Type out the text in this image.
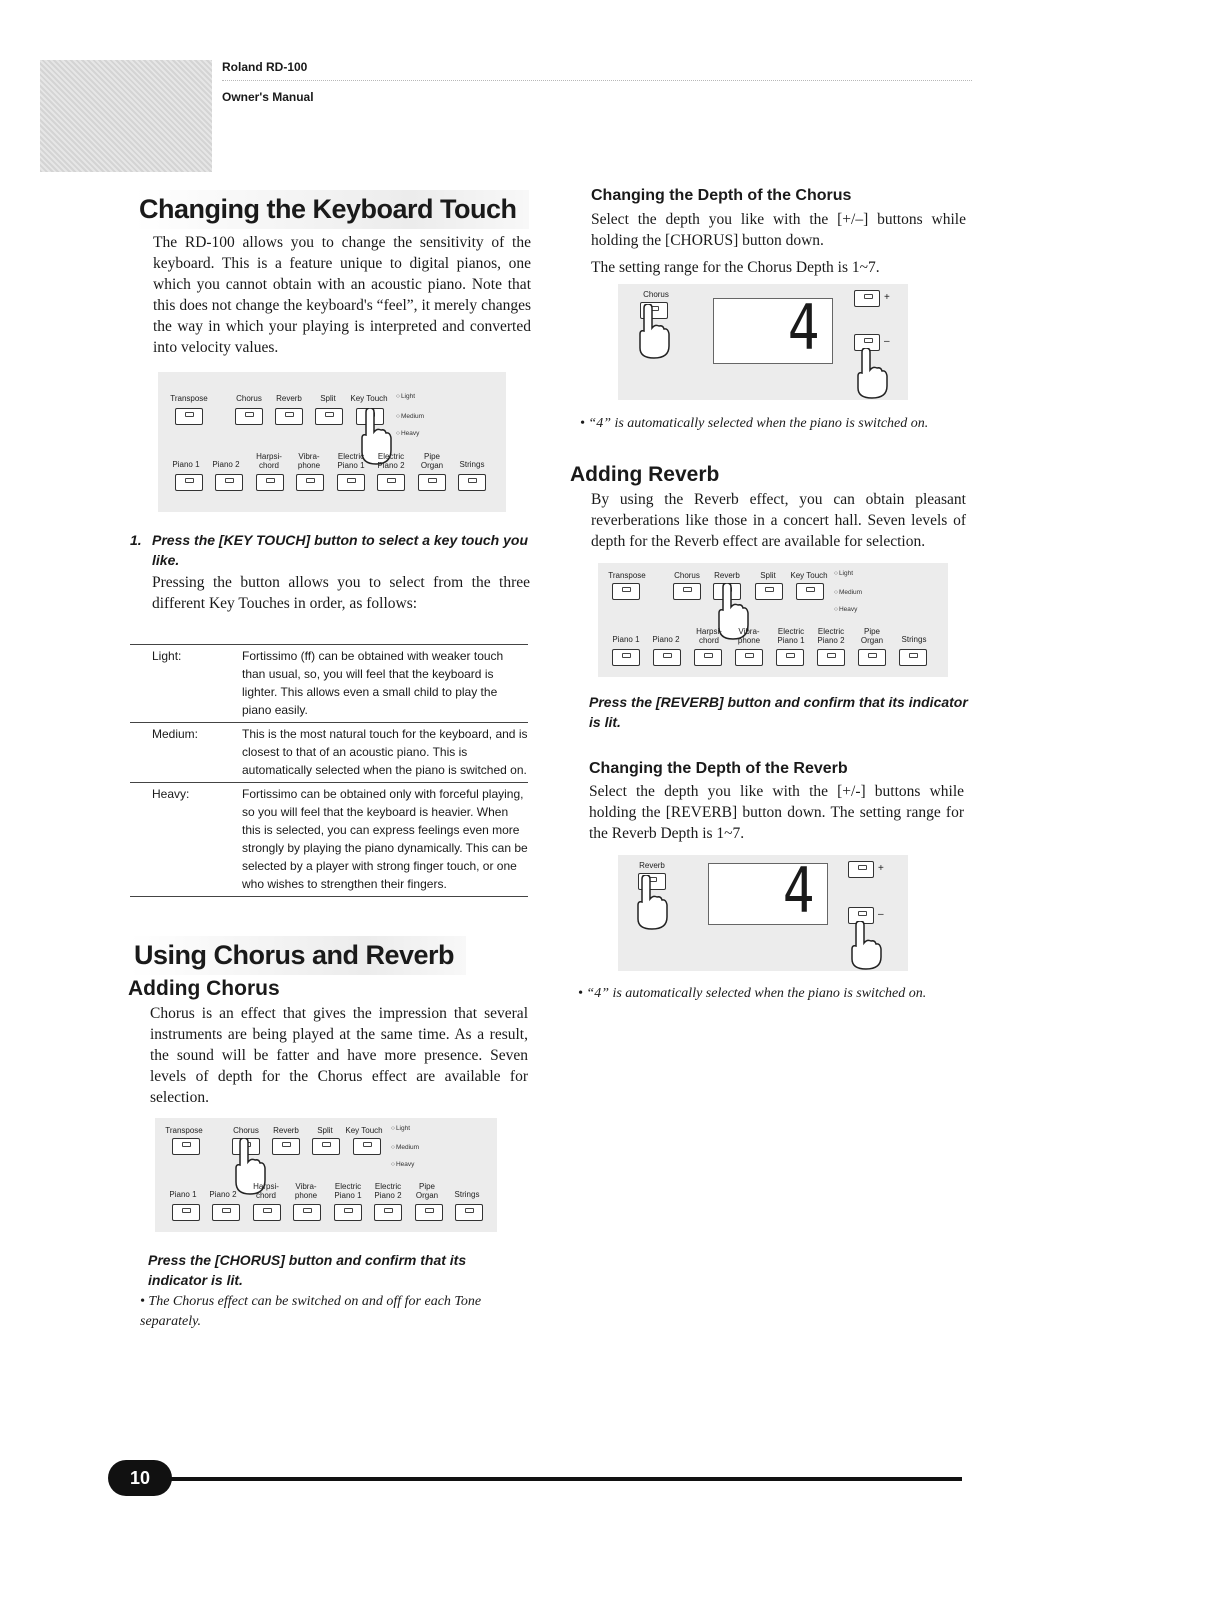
Roland RD-100
Owner's Manual
Changing the Keyboard Touch

The RD-100 allows you to change the sensitivity of the keyboard. This is a feature unique to digital pianos, one which you cannot obtain with an acoustic piano. Note that this does not change the keyboard's “feel”, it merely changes the way in which your playing is interpreted and converted into velocity values.

Transpose	Chorus	Reverb	Split	Key Touch	○ Light
○ Medium
○ Heavy
Piano 1	Piano 2
Harpsi-
chord
Vibra-
phone
Electric
Piano 1
Electric
Piano 2
Pipe
Organ	Strings
1. Press the [KEY TOUCH] button to select a key touch you like.

Pressing the button allows you to select from the three different Key Touches in order, as follows:

Light:	Fortissimo (ff) can be obtained with weaker touch than usual, so, you will feel that the keyboard is lighter. This allows even a small child to play the piano easily.
Medium:	This is the most natural touch for the keyboard, and is closest to that of an acoustic piano. This is automatically selected when the piano is switched on.
Heavy:	Fortissimo can be obtained only with forceful playing, so you will feel that the keyboard is heavier. When this is selected, you can express feelings even more strongly by playing the piano dynamically. This can be selected by a player with strong finger touch, or one who wishes to strengthen their fingers.
Using Chorus and Reverb
Adding Chorus

Chorus is an effect that gives the impression that several instruments are being played at the same time. As a result, the sound will be fatter and have more presence. Seven levels of depth for the Chorus effect are available for selection.

Transpose	Chorus	Reverb	Split	Key Touch	○ Light
○ Medium
○ Heavy
Piano 1	Piano 2
Harpsi-
chord
Vibra-
phone
Electric
Piano 1
Electric
Piano 2
Pipe
Organ	Strings

Press the [CHORUS] button and confirm that its indicator is lit.

• The Chorus effect can be switched on and off for each Tone separately.

Changing the Depth of the Chorus

Select the depth you like with the [+/–] buttons while holding the [CHORUS] button down.

The setting range for the Chorus Depth is 1~7.

Chorus 4	+
–

• “4” is automatically selected when the piano is switched on.

Adding Reverb

By using the Reverb effect, you can obtain pleasant reverberations like those in a concert hall. Seven levels of depth for the Reverb effect are available for selection.

Transpose	Chorus	Reverb	Split	Key Touch	○ Light
○ Medium
○ Heavy
Piano 1	Piano 2
Harpsi-
chord
Vibra-
phone
Electric
Piano 1
Electric
Piano 2
Pipe
Organ	Strings

Press the [REVERB] button and confirm that its indicator is lit.

Changing the Depth of the Reverb

Select the depth you like with the [+/-] buttons while holding the [REVERB] button down. The setting range for the Reverb Depth is 1~7.

Reverb 4	+
–

• “4” is automatically selected when the piano is switched on.

10
